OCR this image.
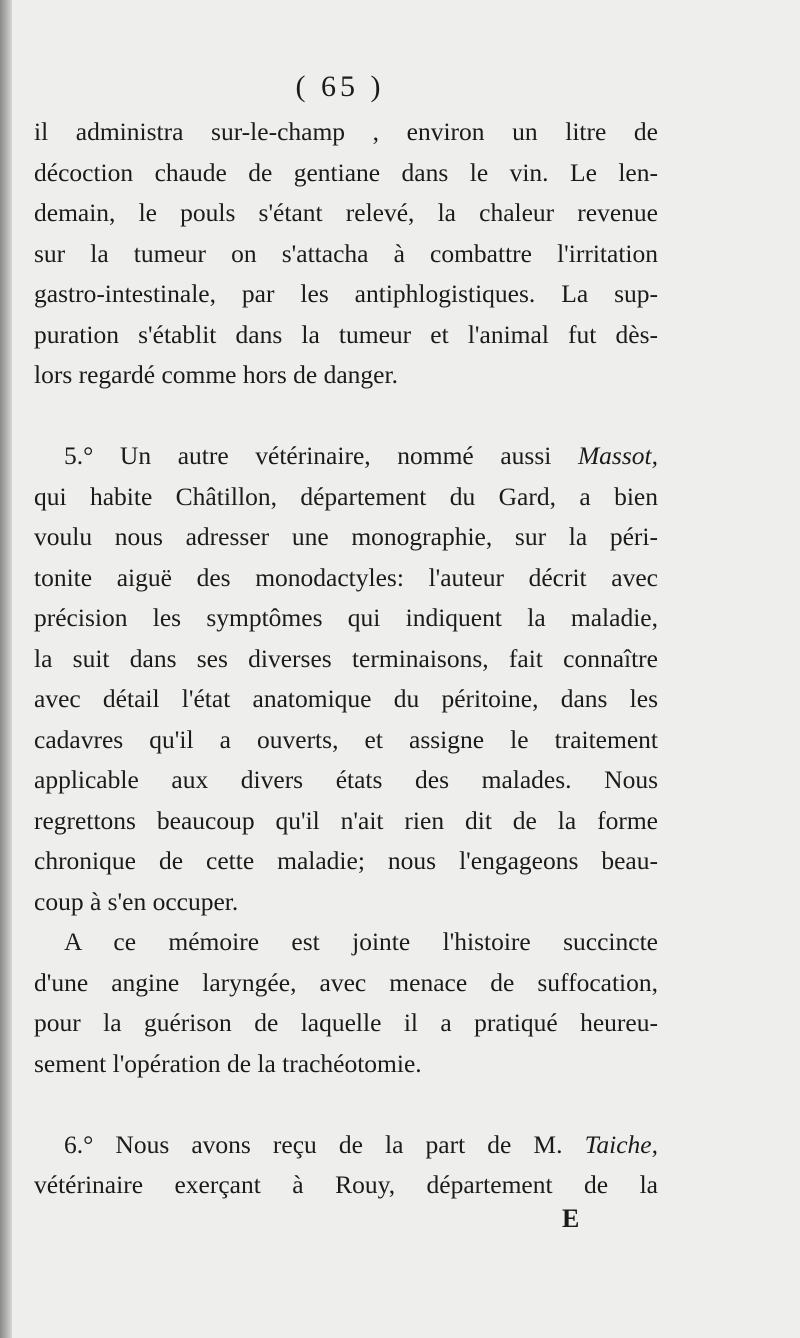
( 65 )
il administra sur-le-champ , environ un litre de
décoction chaude de gentiane dans le vin. Le len-
demain, le pouls s'étant relevé, la chaleur revenue
sur la tumeur on s'attacha à combattre l'irritation
gastro-intestinale, par les antiphlogistiques. La sup-
puration s'établit dans la tumeur et l'animal fut dès-
lors regardé comme hors de danger.
5.° Un autre vétérinaire, nommé aussi Massot,
qui habite Châtillon, département du Gard, a bien
voulu nous adresser une monographie, sur la péri-
tonite aiguë des monodactyles: l'auteur décrit avec
précision les symptômes qui indiquent la maladie,
la suit dans ses diverses terminaisons, fait connaître
avec détail l'état anatomique du péritoine, dans les
cadavres qu'il a ouverts, et assigne le traitement
applicable aux divers états des malades. Nous
regrettons beaucoup qu'il n'ait rien dit de la forme
chronique de cette maladie; nous l'engageons beau-
coup à s'en occuper.
A ce mémoire est jointe l'histoire succincte
d'une angine laryngée, avec menace de suffocation,
pour la guérison de laquelle il a pratiqué heureu-
sement l'opération de la trachéotomie.
6.° Nous avons reçu de la part de M. Taiche,
vétérinaire exerçant à Rouy, département de la
E
